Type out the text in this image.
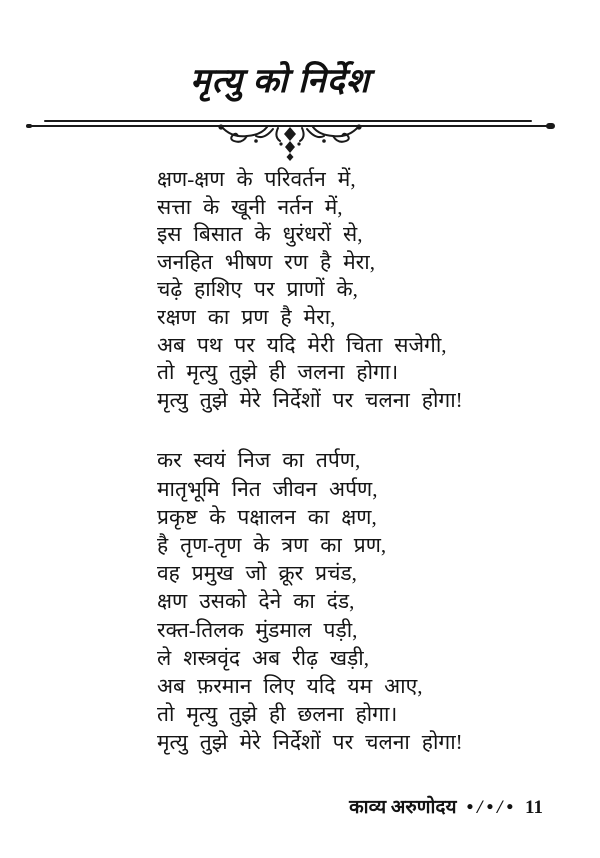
मृत्यु को निर्देश

क्षण-क्षण के परिवर्तन में,

सत्ता के खूनी नर्तन में,

इस बिसात के धुरंधरों से,

जनहित भीषण रण है मेरा,

चढ़े हाशिए पर प्राणों के,

रक्षण का प्रण है मेरा,

अब पथ पर यदि मेरी चिता सजेगी,

तो मृत्यु तुझे ही जलना होगा।

मृत्यु तुझे मेरे निर्देशों पर चलना होगा!

कर स्वयं निज का तर्पण,

मातृभूमि नित जीवन अर्पण,

प्रकृष्ट के पक्षालन का क्षण,

है तृण-तृण के त्रण का प्रण,

वह प्रमुख जो क्रूर प्रचंड,

क्षण उसको देने का दंड,

रक्त-तिलक मुंडमाल पड़ी,

ले शस्त्रवृंद अब रीढ़ खड़ी,

अब फ़रमान लिए यदि यम आए,

तो मृत्यु तुझे ही छलना होगा।

मृत्यु तुझे मेरे निर्देशों पर चलना होगा!

काव्य अरुणोदय •/•/• 11
